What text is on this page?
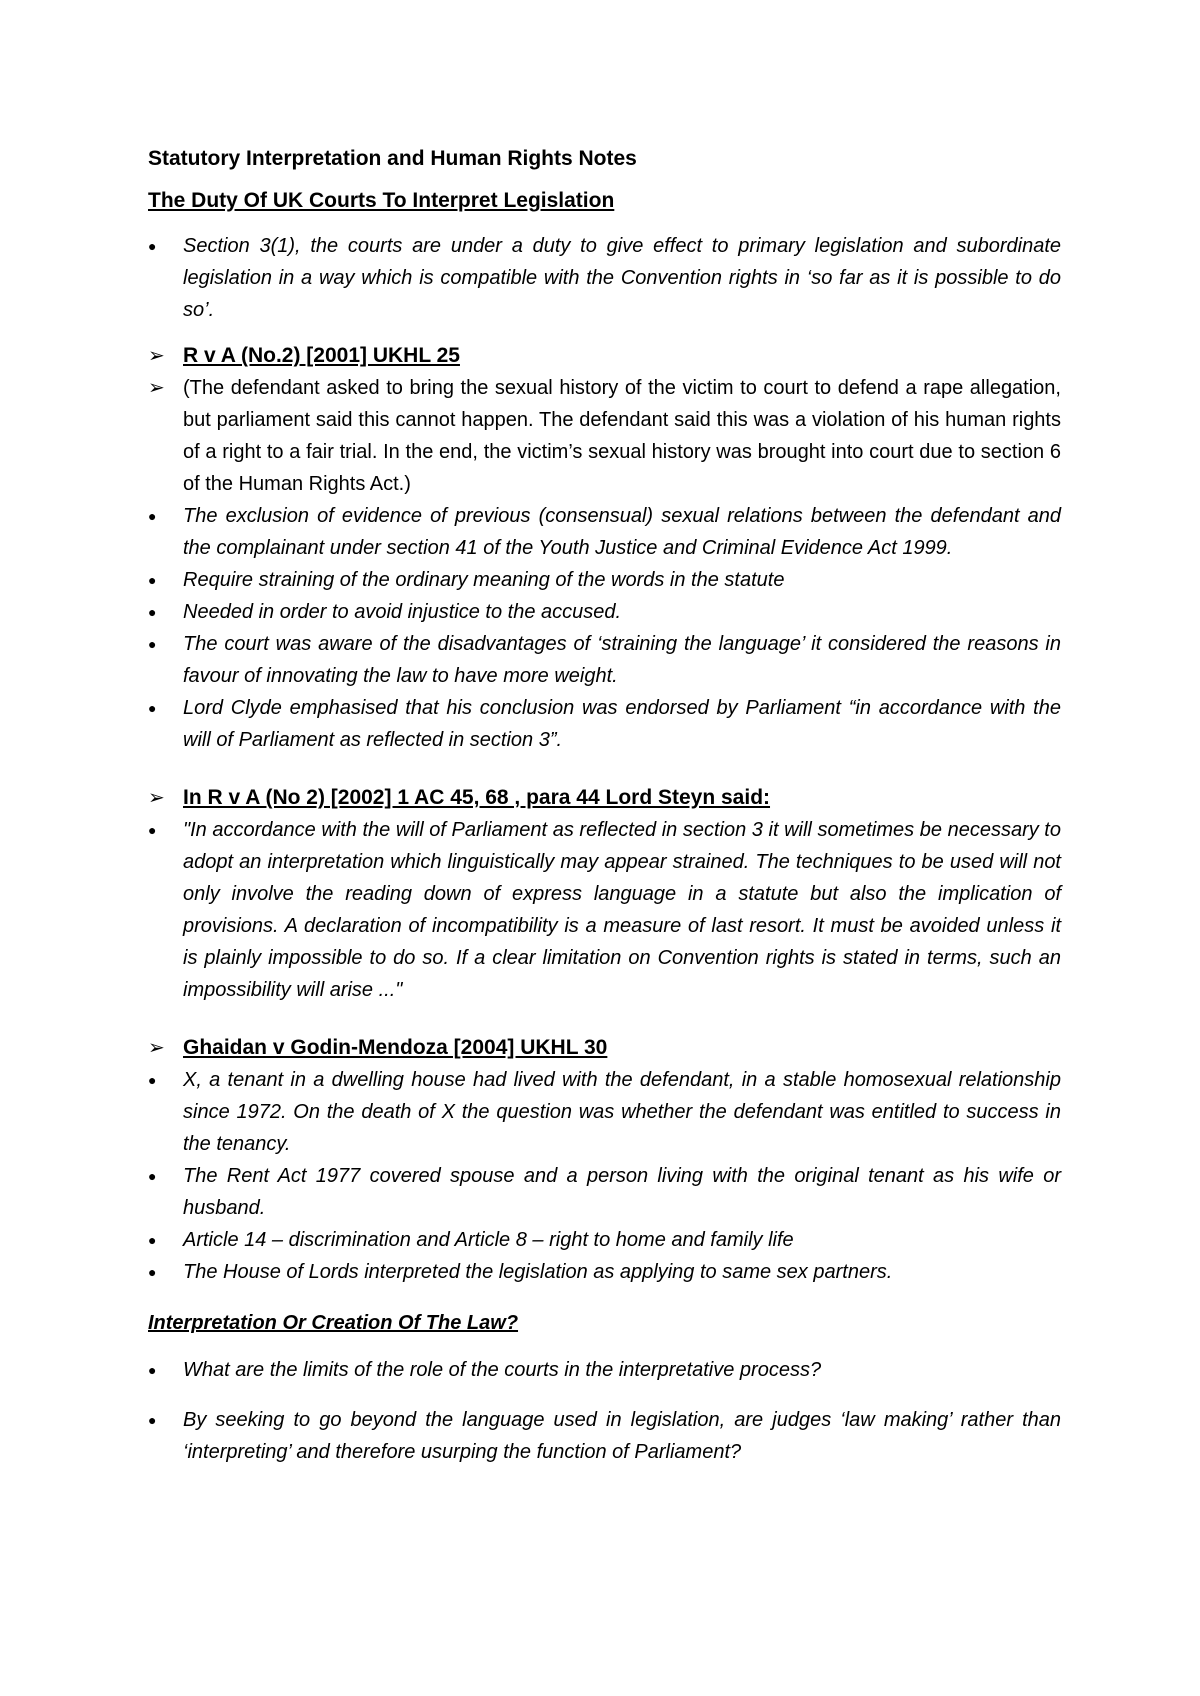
Statutory Interpretation and Human Rights Notes
The Duty Of UK Courts To Interpret Legislation
●	Section 3(1), the courts are under a duty to give effect to primary legislation and subordinate legislation in a way which is compatible with the Convention rights in ‘so far as it is possible to do so’.
➢ R v A (No.2) [2001] UKHL 25
➢ (The defendant asked to bring the sexual history of the victim to court to defend a rape allegation, but parliament said this cannot happen. The defendant said this was a violation of his human rights of a right to a fair trial. In the end, the victim’s sexual history was brought into court due to section 6 of the Human Rights Act.)
●	The exclusion of evidence of previous (consensual) sexual relations between the defendant and the complainant under section 41 of the Youth Justice and Criminal Evidence Act 1999.
●	Require straining of the ordinary meaning of the words in the statute
●	Needed in order to avoid injustice to the accused.
●	The court was aware of the disadvantages of ‘straining the language’ it considered the reasons in favour of innovating the law to have more weight.
●	Lord Clyde emphasised that his conclusion was endorsed by Parliament “in accordance with the will of Parliament as reflected in section 3”.
➢ In R v A (No 2) [2002] 1 AC 45, 68 , para 44 Lord Steyn said:
●	"In accordance with the will of Parliament as reflected in section 3 it will sometimes be necessary to adopt an interpretation which linguistically may appear strained. The techniques to be used will not only involve the reading down of express language in a statute but also the implication of provisions. A declaration of incompatibility is a measure of last resort. It must be avoided unless it is plainly impossible to do so. If a clear limitation on Convention rights is stated in terms, such an impossibility will arise ..."
➢ Ghaidan v Godin-Mendoza [2004] UKHL 30
●	X, a tenant in a dwelling house had lived with the defendant, in a stable homosexual relationship since 1972. On the death of X the question was whether the defendant was entitled to success in the tenancy.
●	The Rent Act 1977 covered spouse and a person living with the original tenant as his wife or husband.
●	Article 14 – discrimination and Article 8 – right to home and family life
●	The House of Lords interpreted the legislation as applying to same sex partners.
Interpretation Or Creation Of The Law?
●	What are the limits of the role of the courts in the interpretative process?
●	By seeking to go beyond the language used in legislation, are judges ‘law making’ rather than ‘interpreting’ and therefore usurping the function of Parliament?
